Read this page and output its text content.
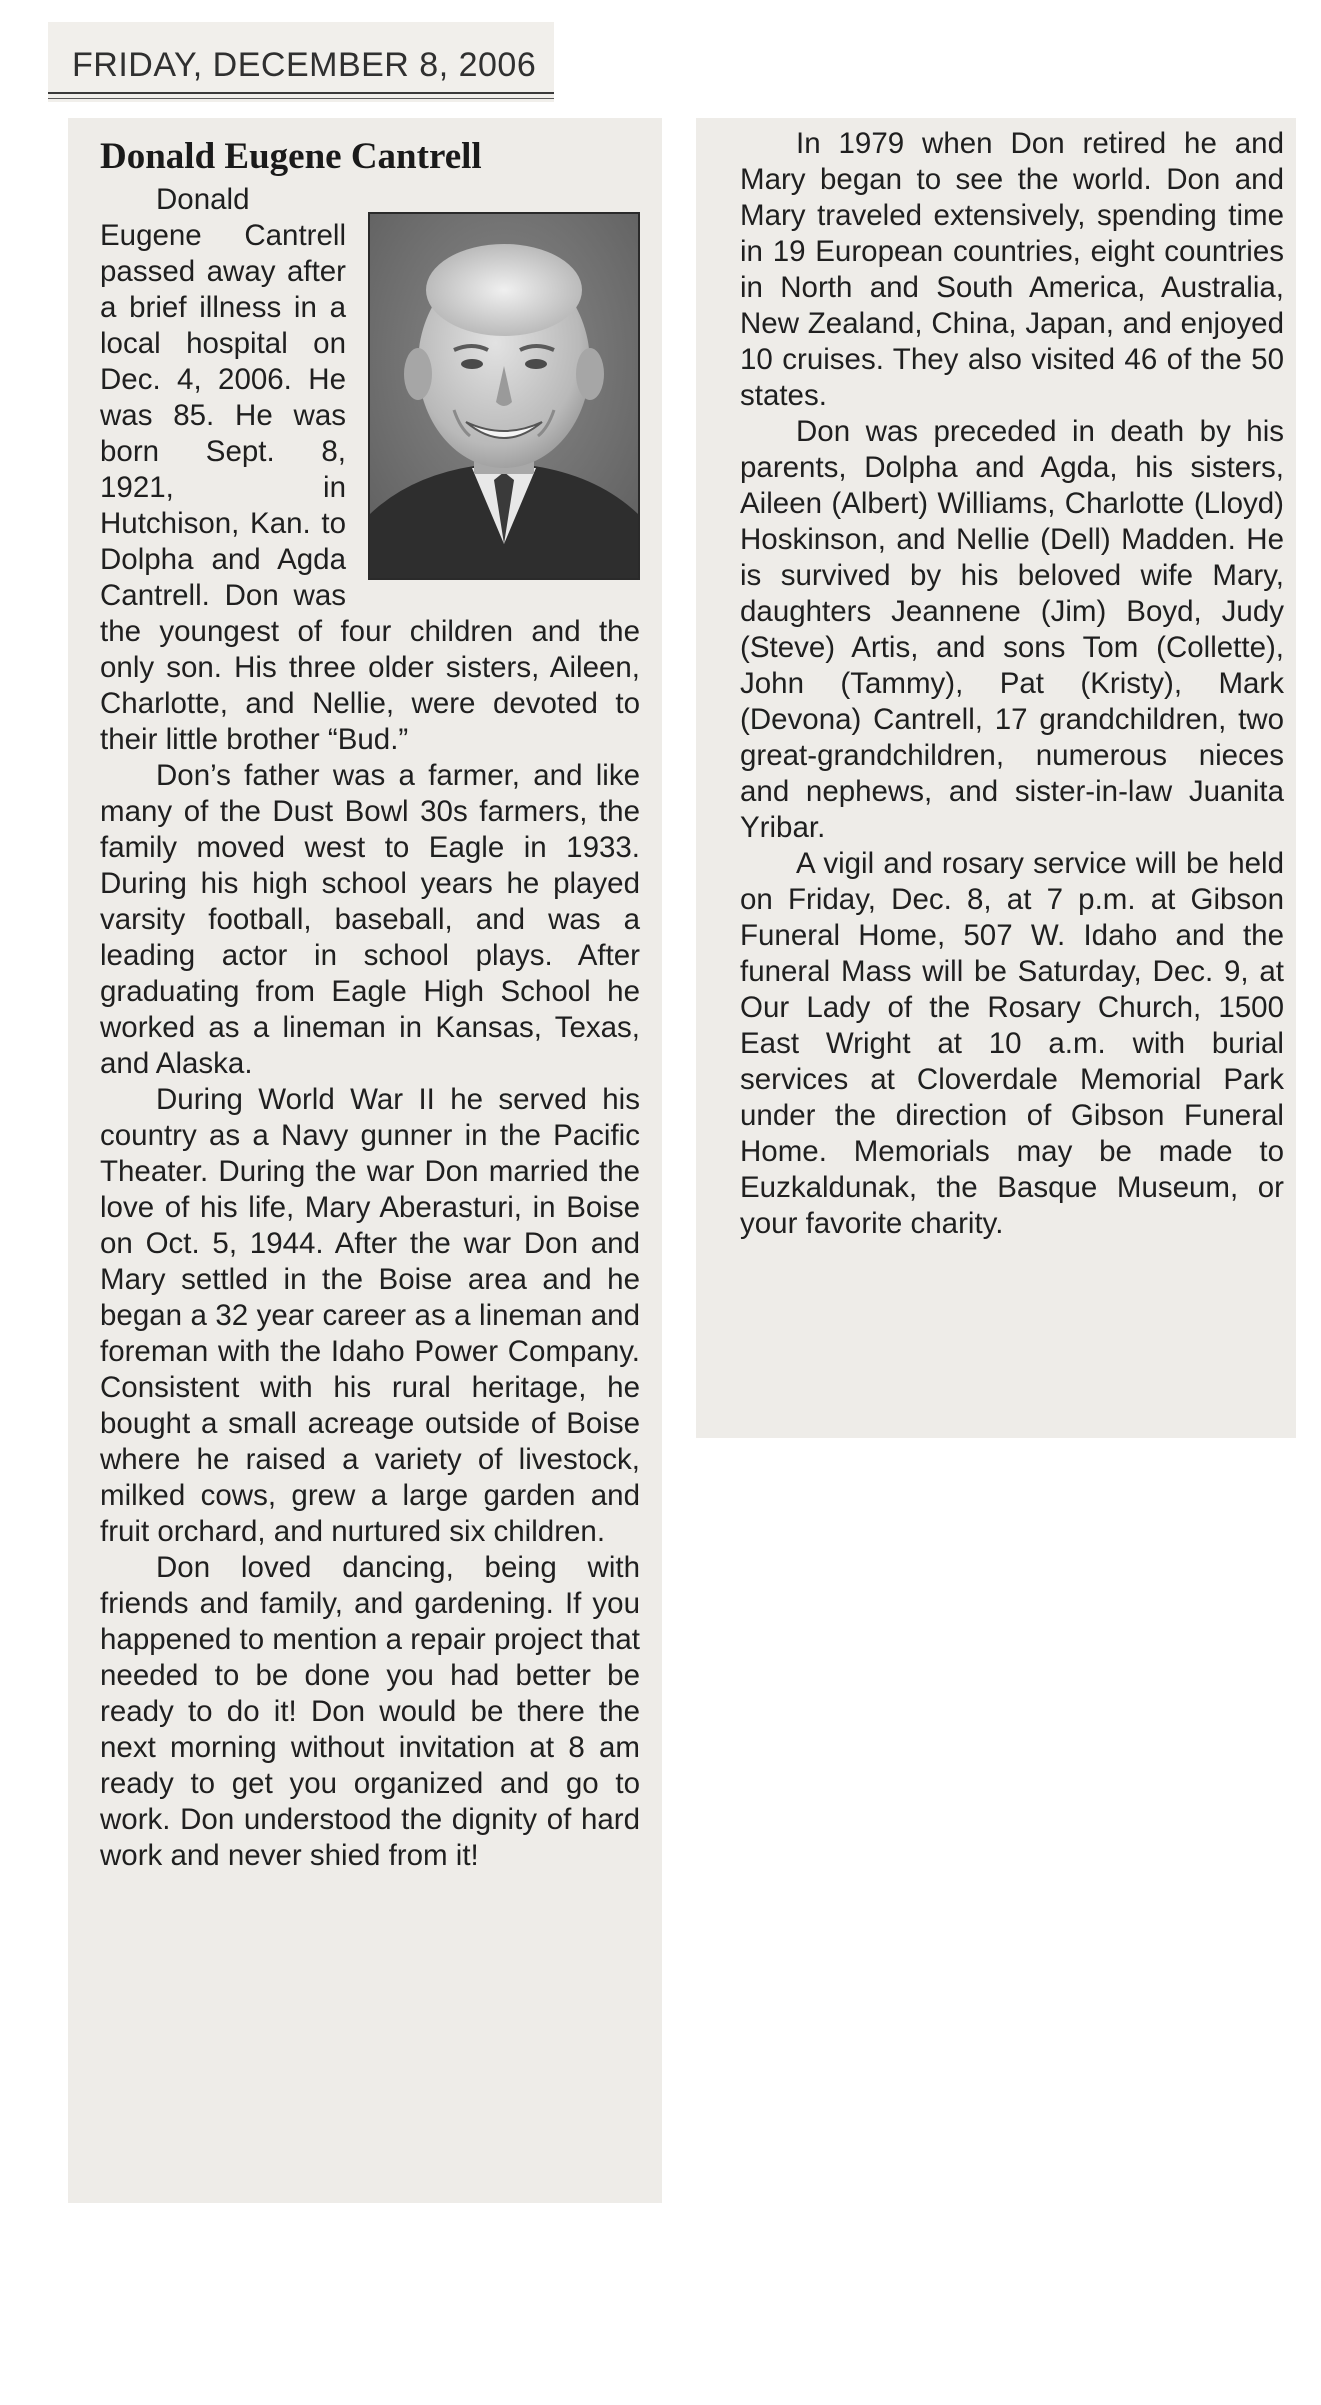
FRIDAY, DECEMBER 8, 2006
Donald Eugene Cantrell

Donald Eugene Cantrell passed away after a brief illness in a local hospital on Dec. 4, 2006. He was 85. He was born Sept. 8, 1921, in Hutchison, Kan. to Dolpha and Agda Cantrell. Don was the youngest of four children and the only son. His three older sisters, Aileen, Charlotte, and Nellie, were devoted to their little brother “Bud.”

Don’s father was a farmer, and like many of the Dust Bowl 30s farmers, the family moved west to Eagle in 1933. During his high school years he played varsity football, baseball, and was a leading actor in school plays. After graduating from Eagle High School he worked as a lineman in Kansas, Texas, and Alaska.

During World War II he served his country as a Navy gunner in the Pacific Theater. During the war Don married the love of his life, Mary Aberasturi, in Boise on Oct. 5, 1944. After the war Don and Mary settled in the Boise area and he began a 32 year career as a lineman and foreman with the Idaho Power Company. Consistent with his rural heritage, he bought a small acreage outside of Boise where he raised a variety of livestock, milked cows, grew a large garden and fruit orchard, and nurtured six children.

Don loved dancing, being with friends and family, and gardening. If you happened to mention a repair project that needed to be done you had better be ready to do it! Don would be there the next morning without invitation at 8 am ready to get you organized and go to work. Don understood the dignity of hard work and never shied from it!

In 1979 when Don retired he and Mary began to see the world. Don and Mary traveled extensively, spending time in 19 European countries, eight countries in North and South America, Australia, New Zealand, China, Japan, and enjoyed 10 cruises. They also visited 46 of the 50 states.

Don was preceded in death by his parents, Dolpha and Agda, his sisters, Aileen (Albert) Williams, Charlotte (Lloyd) Hoskinson, and Nellie (Dell) Madden. He is survived by his beloved wife Mary, daughters Jeannene (Jim) Boyd, Judy (Steve) Artis, and sons Tom (Collette), John (Tammy), Pat (Kristy), Mark (Devona) Cantrell, 17 grandchildren, two great-grandchildren, numerous nieces and nephews, and sister-in-law Juanita Yribar.

A vigil and rosary service will be held on Friday, Dec. 8, at 7 p.m. at Gibson Funeral Home, 507 W. Idaho and the funeral Mass will be Saturday, Dec. 9, at Our Lady of the Rosary Church, 1500 East Wright at 10 a.m. with burial services at Cloverdale Memorial Park under the direction of Gibson Funeral Home. Memorials may be made to Euzkaldunak, the Basque Museum, or your favorite charity.
